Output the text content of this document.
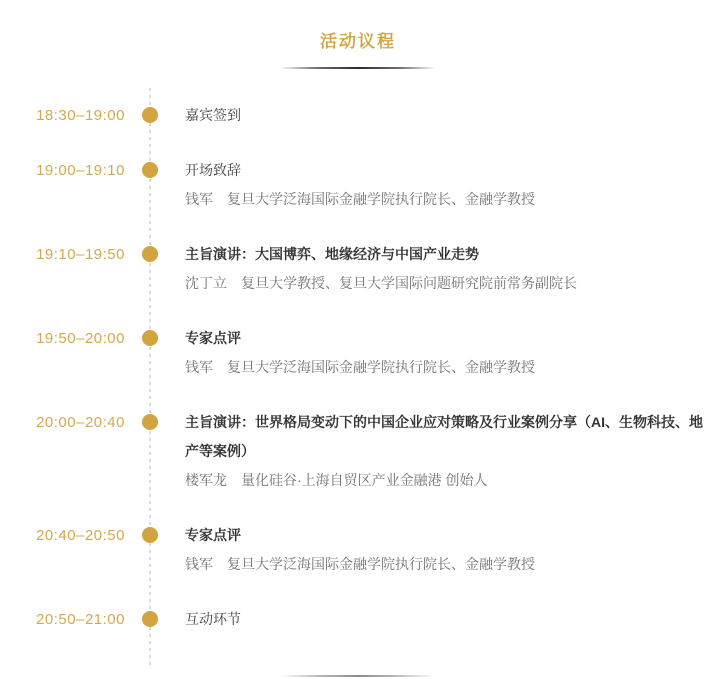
活动议程
18:30–19:00	嘉宾签到
19:00–19:10	开场致辞
钱军　复旦大学泛海国际金融学院执行院长、金融学教授
19:10–19:50	主旨演讲：大国博弈、地缘经济与中国产业走势
沈丁立　复旦大学教授、复旦大学国际问题研究院前常务副院长
19:50–20:00	专家点评
钱军　复旦大学泛海国际金融学院执行院长、金融学教授
20:00–20:40	主旨演讲：世界格局变动下的中国企业应对策略及行业案例分享（AI、生物科技、地产等案例）
楼军龙　量化硅谷·上海自贸区产业金融港 创始人
20:40–20:50	专家点评
钱军　复旦大学泛海国际金融学院执行院长、金融学教授
20:50–21:00	互动环节
